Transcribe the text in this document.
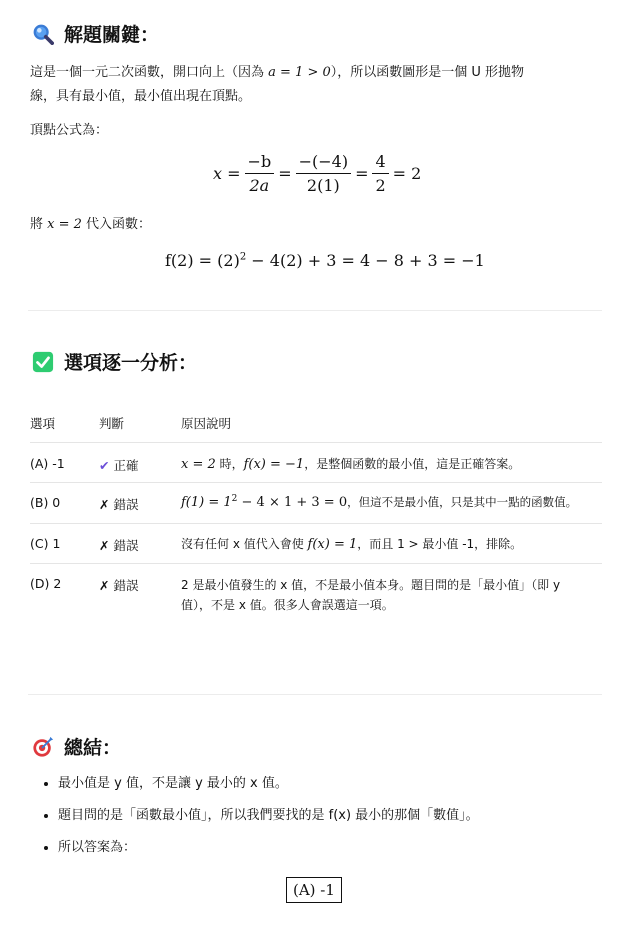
解題關鍵：
這是一個一元二次函數，開口向上（因為 a = 1 > 0），所以函數圖形是一個 U 形拋物
線，具有最小值，最小值出現在頂點。
頂點公式為：
x
= $\frac{-b}{2a} = \frac{-(-4)}{2(1)} = \frac{4}{2}$ =
2
將 x = 2 代入函數：
$f(2) = (2)^2 - 4(2) + 3 = 4 - 8 + 3 = -1$
選項逐一分析：
選項	判斷	原因說明
(A) -1	✔ 正確	x = 2 時，f(x) = −1，是整個函數的最小值，這是正確答案。
(B) 0	✗ 錯誤	$f(1) = 1^2 - 4 \times 1 + 3 = 0$，但這不是最小值，只是其中一點的函數值。
(C) 1	✗ 錯誤	沒有任何 x 值代入會使 f(x) = 1，而且 1 > 最小值 -1，排除。
(D) 2	✗ 錯誤	2 是最小值發生的 x 值，不是最小值本身。題目問的是「最小值」（即 y
值），不是 x 值。很多人會誤選這一項。
總結：
• 最小值是 y 值，不是讓 y 最小的 x 值。
• 題目問的是「函數最小值」，所以我們要找的是 f(x) 最小的那個「數值」。
• 所以答案為：
(A) -1
